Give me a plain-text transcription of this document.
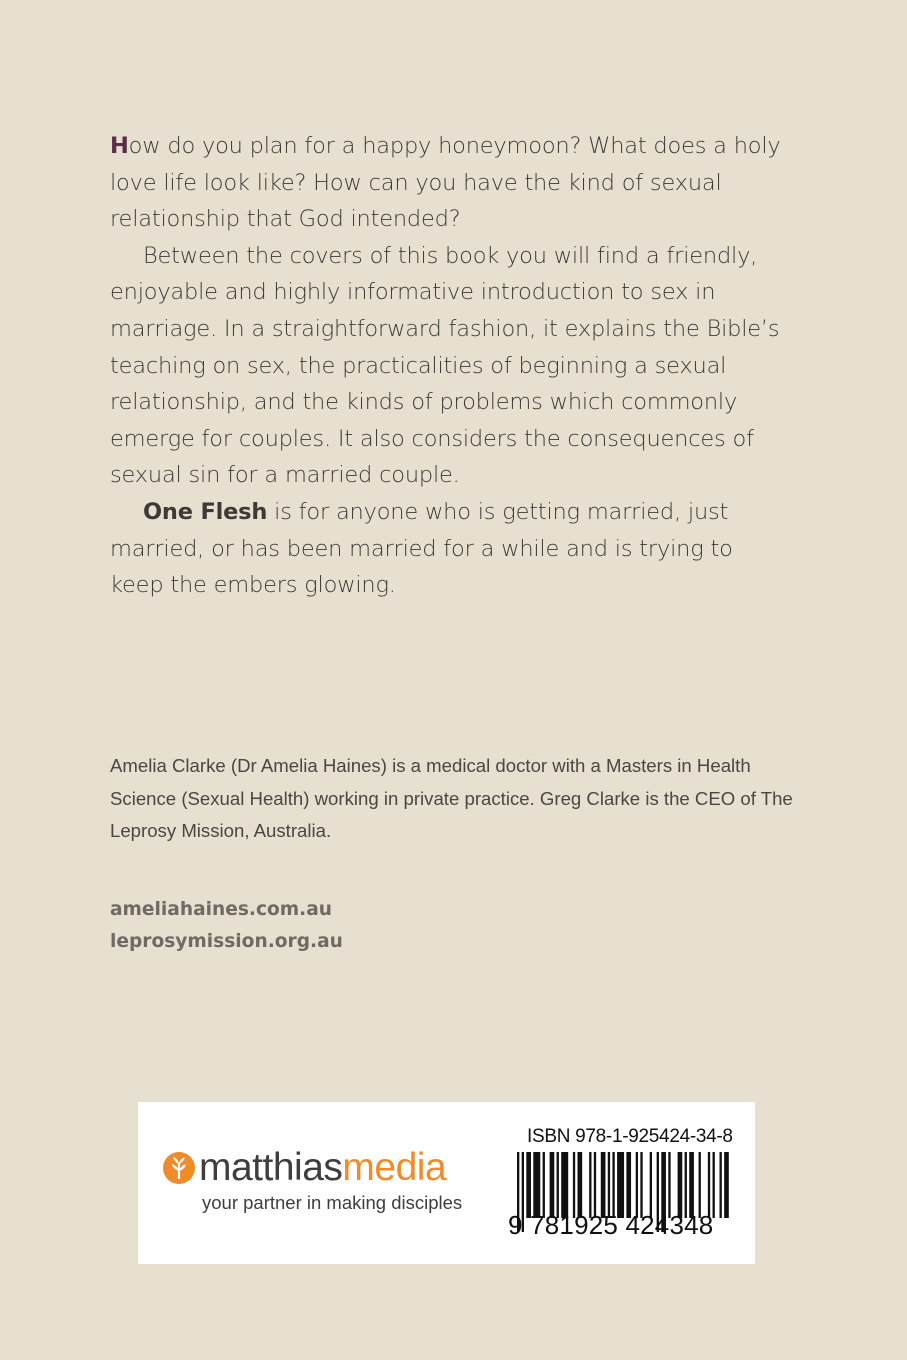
How do you plan for a happy honeymoon? What does a holy love life look like? How can you have the kind of sexual relationship that God intended?

Between the covers of this book you will find a friendly, enjoyable and highly informative introduction to sex in marriage. In a straightforward fashion, it explains the Bible’s teaching on sex, the practicalities of beginning a sexual relationship, and the kinds of problems which commonly emerge for couples. It also considers the consequences of sexual sin for a married couple.

One Flesh is for anyone who is getting married, just married, or has been married for a while and is trying to keep the embers glowing.

Amelia Clarke (Dr Amelia Haines) is a medical doctor with a Masters in Health Science (Sexual Health) working in private practice. Greg Clarke is the CEO of The Leprosy Mission, Australia.
ameliahaines.com.au
leprosymission.org.au
matthiasmedia
your partner in making disciples
ISBN 978-1-925424-34-8
9 781925 424348
